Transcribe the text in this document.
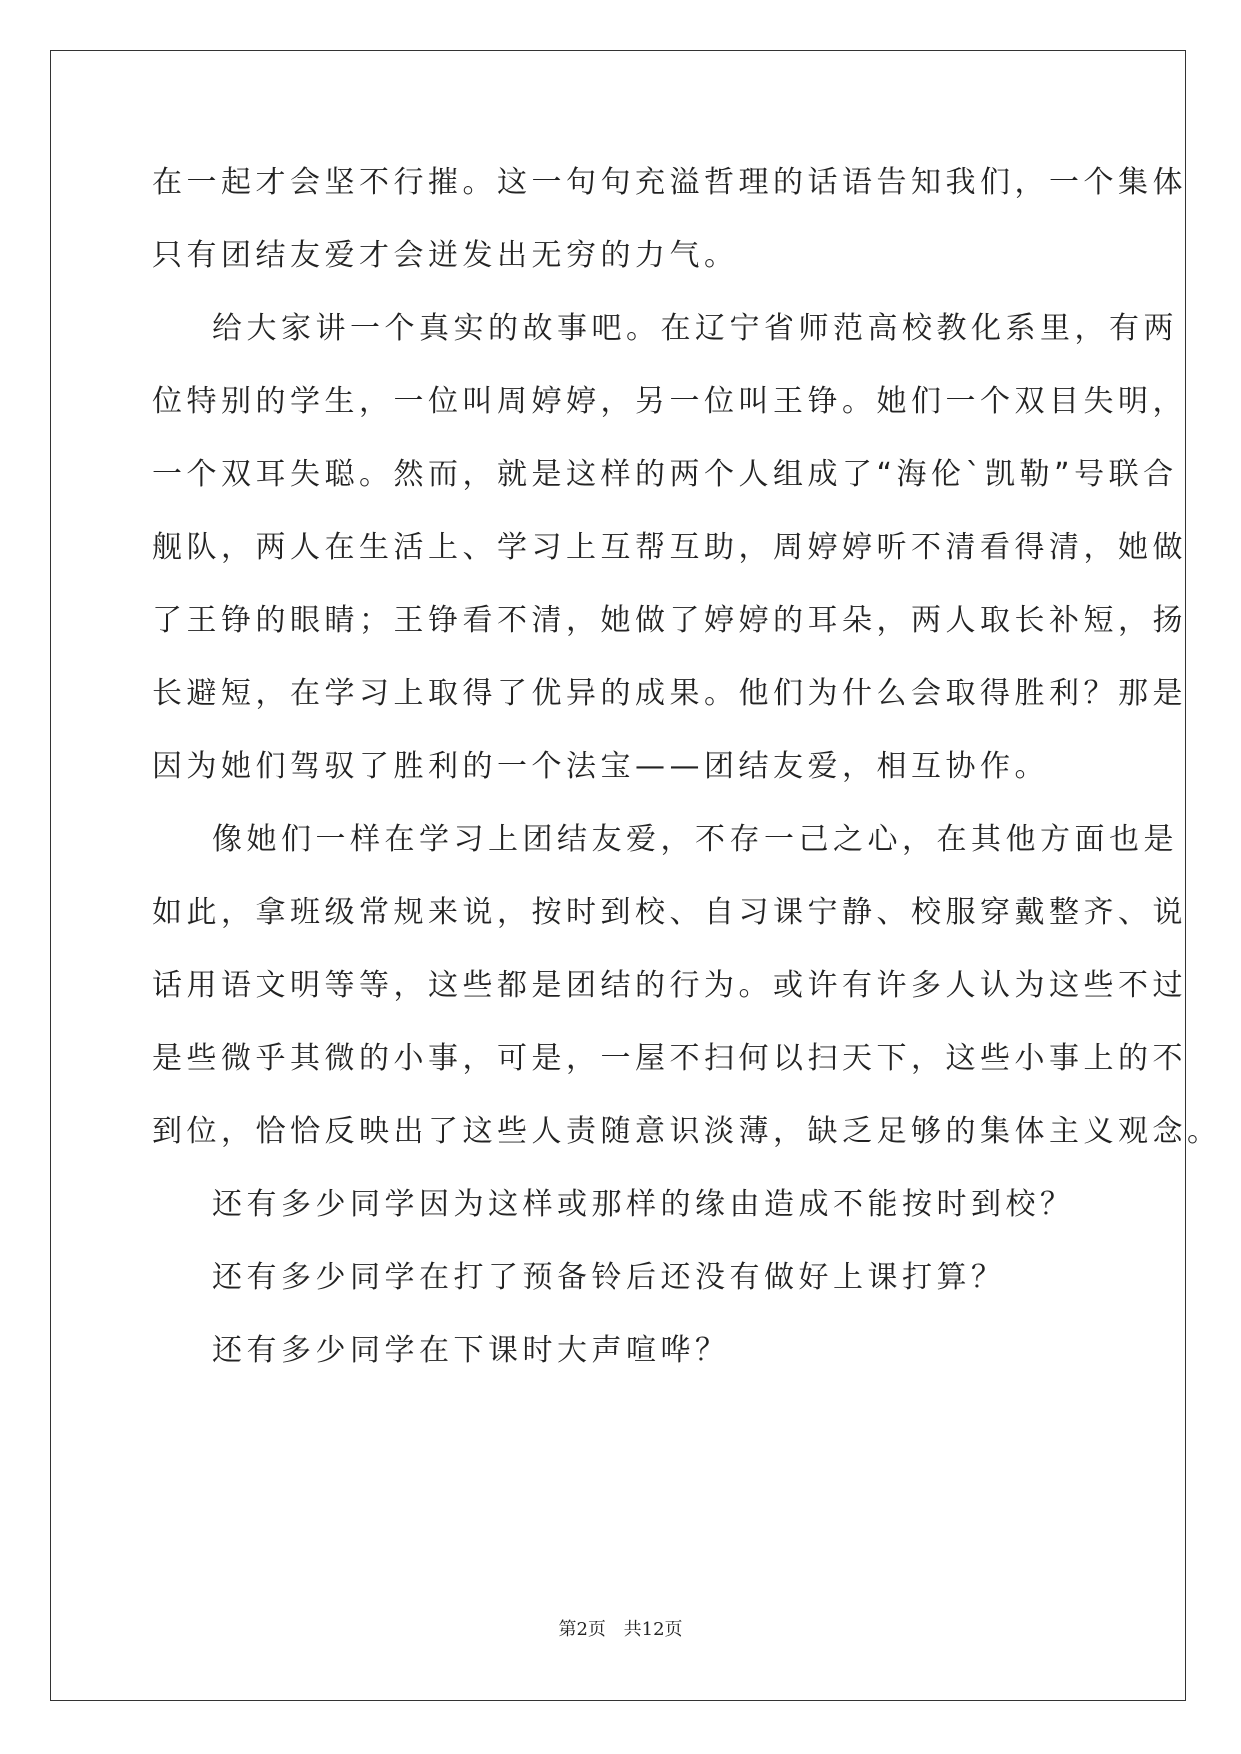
在一起才会坚不行摧。这一句句充溢哲理的话语告知我们，一个集体
只有团结友爱才会迸发出无穷的力气。
给大家讲一个真实的故事吧。在辽宁省师范高校教化系里，有两
位特别的学生，一位叫周婷婷，另一位叫王铮。她们一个双目失明，
一个双耳失聪。然而，就是这样的两个人组成了“海伦`凯勒”号联合
舰队，两人在生活上、学习上互帮互助，周婷婷听不清看得清，她做
了王铮的眼睛；王铮看不清，她做了婷婷的耳朵，两人取长补短，扬
长避短，在学习上取得了优异的成果。他们为什么会取得胜利？那是
因为她们驾驭了胜利的一个法宝——团结友爱，相互协作。
像她们一样在学习上团结友爱，不存一己之心，在其他方面也是
如此，拿班级常规来说，按时到校、自习课宁静、校服穿戴整齐、说
话用语文明等等，这些都是团结的行为。或许有许多人认为这些不过
是些微乎其微的小事，可是，一屋不扫何以扫天下，这些小事上的不
到位，恰恰反映出了这些人责随意识淡薄，缺乏足够的集体主义观念。
还有多少同学因为这样或那样的缘由造成不能按时到校？
还有多少同学在打了预备铃后还没有做好上课打算？
还有多少同学在下课时大声喧哗？
第2页 共12页
